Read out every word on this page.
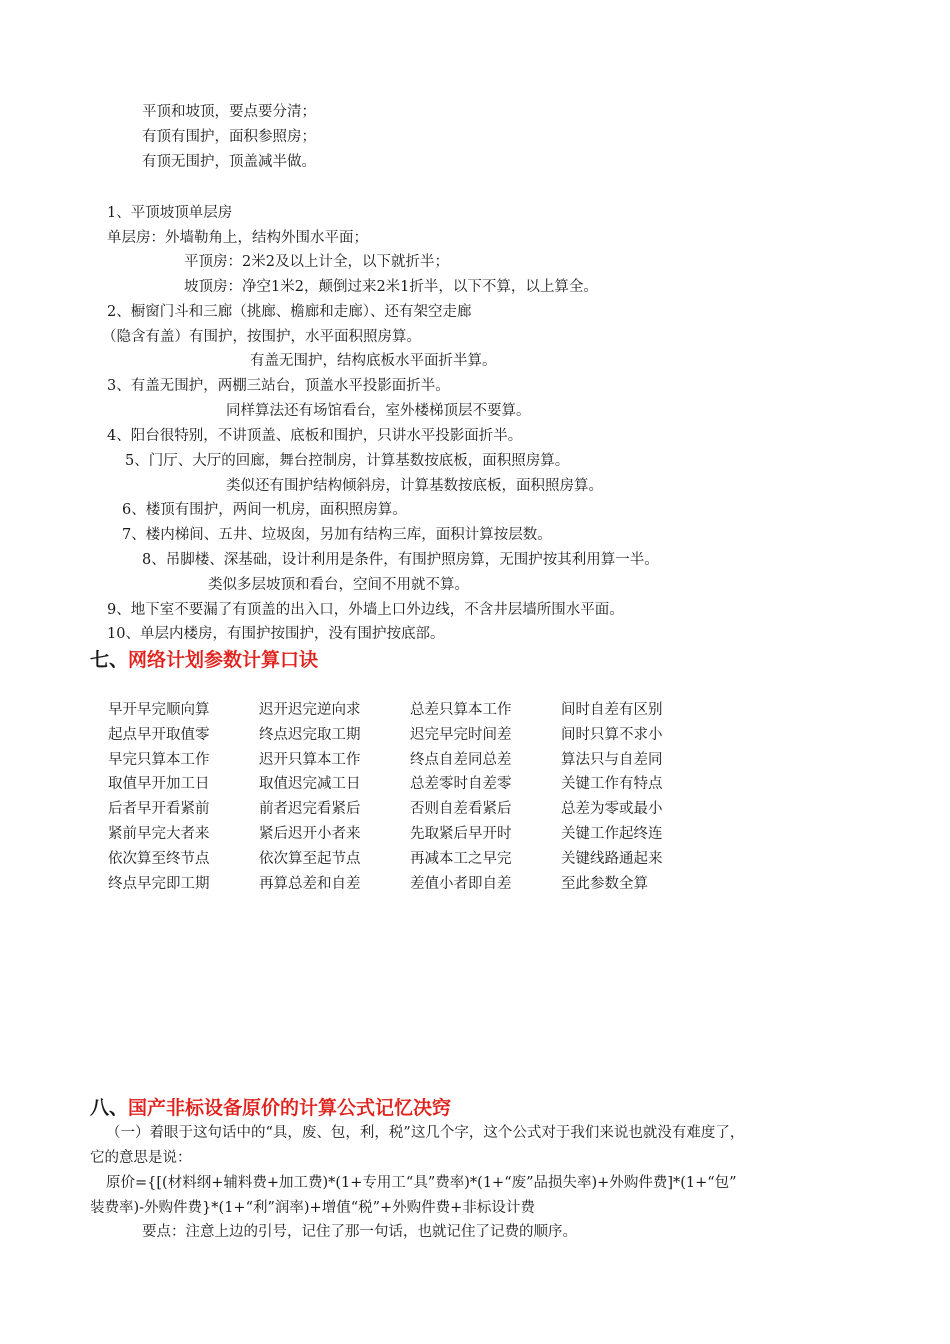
平顶和坡顶，要点要分清；
有顶有围护，面积参照房；
有顶无围护，顶盖减半做。
1、平顶坡顶单层房
单层房：外墙勒角上，结构外围水平面；
平顶房：2米2及以上计全，以下就折半；
坡顶房：净空1米2，颠倒过来2米1折半，以下不算，以上算全。
2、橱窗门斗和三廊（挑廊、檐廊和走廊）、还有架空走廊
（隐含有盖）有围护，按围护，水平面积照房算。
有盖无围护，结构底板水平面折半算。
3、有盖无围护，两棚三站台，顶盖水平投影面折半。
同样算法还有场馆看台，室外楼梯顶层不要算。
4、阳台很特别，不讲顶盖、底板和围护，只讲水平投影面折半。
5、门厅、大厅的回廊，舞台控制房，计算基数按底板，面积照房算。
类似还有围护结构倾斜房，计算基数按底板，面积照房算。
6、楼顶有围护，两间一机房，面积照房算。
7、楼内梯间、五井、垃圾囱，另加有结构三库，面积计算按层数。
8、吊脚楼、深基础，设计利用是条件，有围护照房算，无围护按其利用算一半。
类似多层坡顶和看台，空间不用就不算。
9、地下室不要漏了有顶盖的出入口，外墙上口外边线，不含井层墙所围水平面。
10、单层内楼房，有围护按围护，没有围护按底部。
七、网络计划参数计算口诀
早开早完顺向算	迟开迟完逆向求	总差只算本工作	间时自差有区别
起点早开取值零	终点迟完取工期	迟完早完时间差	间时只算不求小
早完只算本工作	迟开只算本工作	终点自差同总差	算法只与自差同
取值早开加工日	取值迟完减工日	总差零时自差零	关键工作有特点
后者早开看紧前	前者迟完看紧后	否则自差看紧后	总差为零或最小
紧前早完大者来	紧后迟开小者来	先取紧后早开时	关键工作起终连
依次算至终节点	依次算至起节点	再减本工之早完	关键线路通起来
终点早完即工期	再算总差和自差	差值小者即自差	至此参数全算
八、国产非标设备原价的计算公式记忆决窍
（一）着眼于这句话中的“具，废、包，利，税”这几个字，这个公式对于我们来说也就没有难度了，
它的意思是说：
原价={[(材料纲+辅料费+加工费)*(1+专用工“具”费率)*(1+“废”品损失率)+外购件费]*(1+“包”
装费率)-外购件费}*(1+“利”润率)+增值“税”+外购件费+非标设计费
要点：注意上边的引号，记住了那一句话，也就记住了记费的顺序。
